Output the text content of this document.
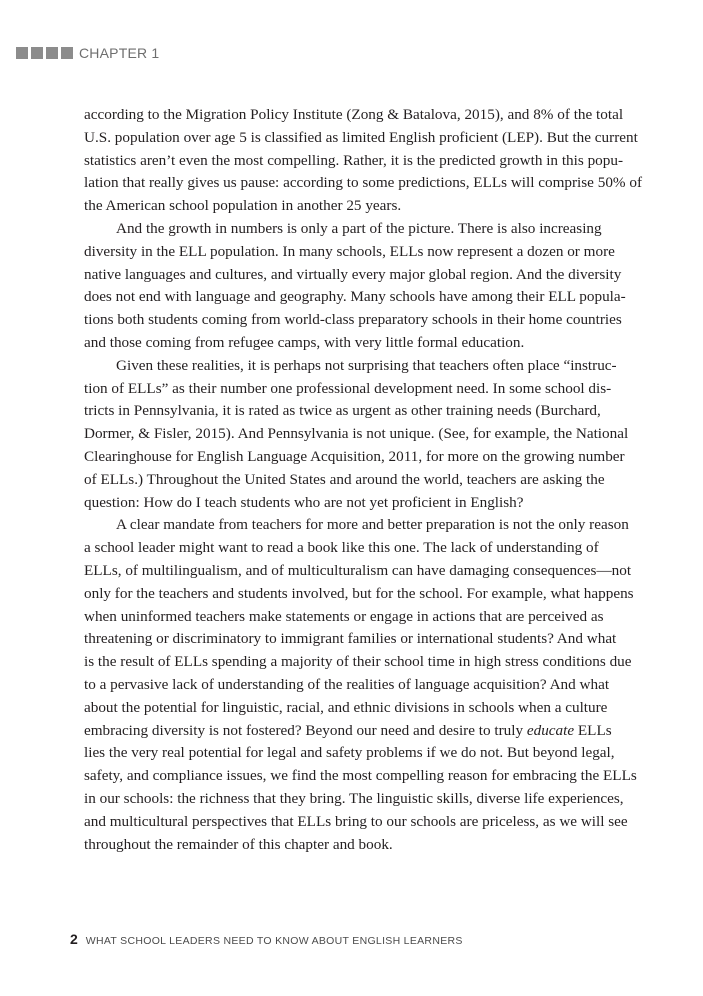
CHAPTER 1
according to the Migration Policy Institute (Zong & Batalova, 2015), and 8% of the total
U.S. population over age 5 is classified as limited English proficient (LEP). But the current
statistics aren’t even the most compelling. Rather, it is the predicted growth in this popu-
lation that really gives us pause: according to some predictions, ELLs will comprise 50% of
the American school population in another 25 years.
And the growth in numbers is only a part of the picture. There is also increasing
diversity in the ELL population. In many schools, ELLs now represent a dozen or more
native languages and cultures, and virtually every major global region. And the diversity
does not end with language and geography. Many schools have among their ELL popula-
tions both students coming from world-class preparatory schools in their home countries
and those coming from refugee camps, with very little formal education.
Given these realities, it is perhaps not surprising that teachers often place “instruc-
tion of ELLs” as their number one professional development need. In some school dis-
tricts in Pennsylvania, it is rated as twice as urgent as other training needs (Burchard,
Dormer, & Fisler, 2015). And Pennsylvania is not unique. (See, for example, the National
Clearinghouse for English Language Acquisition, 2011, for more on the growing number
of ELLs.) Throughout the United States and around the world, teachers are asking the
question: How do I teach students who are not yet proficient in English?
A clear mandate from teachers for more and better preparation is not the only reason
a school leader might want to read a book like this one. The lack of understanding of
ELLs, of multilingualism, and of multiculturalism can have damaging consequences—not
only for the teachers and students involved, but for the school. For example, what happens
when uninformed teachers make statements or engage in actions that are perceived as
threatening or discriminatory to immigrant families or international students? And what
is the result of ELLs spending a majority of their school time in high stress conditions due
to a pervasive lack of understanding of the realities of language acquisition? And what
about the potential for linguistic, racial, and ethnic divisions in schools when a culture
embracing diversity is not fostered? Beyond our need and desire to truly educate ELLs
lies the very real potential for legal and safety problems if we do not. But beyond legal,
safety, and compliance issues, we find the most compelling reason for embracing the ELLs
in our schools: the richness that they bring. The linguistic skills, diverse life experiences,
and multicultural perspectives that ELLs bring to our schools are priceless, as we will see
throughout the remainder of this chapter and book.
2 WHAT SCHOOL LEADERS NEED TO KNOW ABOUT ENGLISH LEARNERS
